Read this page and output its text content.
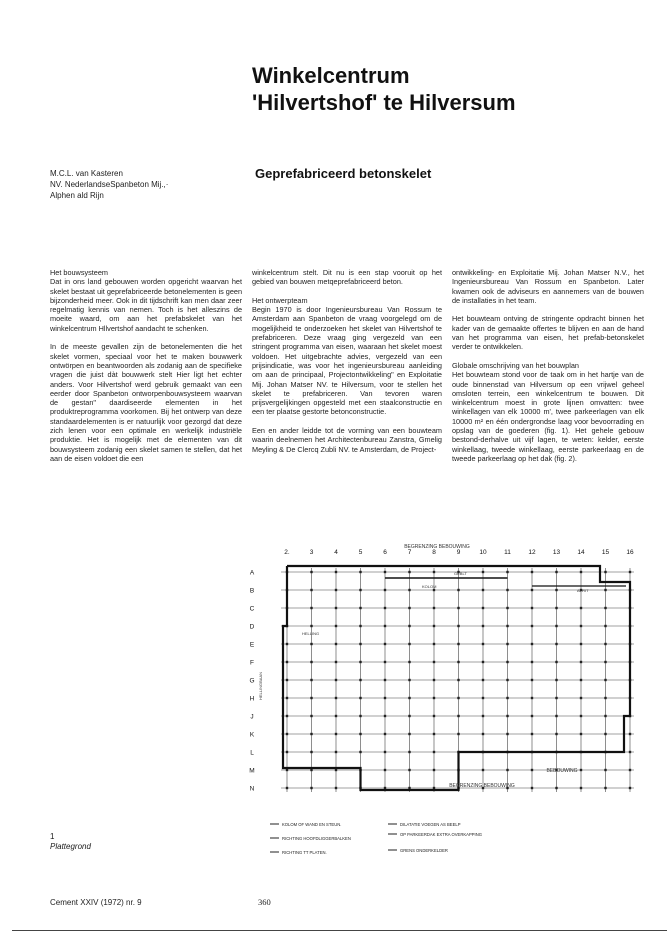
Winkelcentrum
'Hilvertshof' te Hilversum
Geprefabriceerd betonskelet
M.C.L. van Kasteren
NV. NederlandseSpanbeton Mij.,·
Alphen ald Rijn

Het bouwsysteem

Dat in ons land gebouwen worden opgericht waarvan het skelet bestaat uit geprefabriceerde betonelementen is geen bijzonderheid meer. Ook in dit tijdschrift kan men daar zeer regelmatig kennis van nemen. Toch is het alleszins de moeite waard, om aan het prefabskelet van het winkelcentrum Hllvertshof aandacht te schenken.

In de meeste gevallen zijn de betonelementen die het skelet vormen, speciaal voor het te maken bouwwerk ontwörpen en beantwoorden als zodanig aan de specifieke vragen die juist dàt bouwwerk stelt Hier ligt het echter anders. Voor Hilvertshof werd gebruik gemaakt van een eerder door Spanbeton ontworpenbouwsysteem waarvan de gestan" daardiseerde elementen in het produktreprogramma voorkomen. Bij het ontwerp van deze standaardelementen is er natuurlijk voor gezorgd dat deze zich lenen voor een optimale en werkelijk industriële produktie. Het is mogelijk met de elementen van dit bouwsysteem zodanig een skelet samen te stellen, dat het aan de eisen voldoet die een

winkelcentrum stelt. Dit nu is een stap vooruit op het gebied van bouwen metqeprefabriceerd beton.

Het ontwerpteam

Begin 1970 is door Ingenieursbureau Van Rossum te Amsterdam aan Spanbeton de vraag voorgelegd om de mogelijkheid te onderzoeken het skelet van Hilvertshof te prefabriceren. Deze vraag ging vergezeld van een stringent programma van eisen, waaraan het skelet moest voldoen. Het uitgebrachte advies, vergezeld van een prijsindicatie, was voor het ingenieursbureau aanleiding om aan de principaal, Projectontwikkeling" en Exploitatie Mij. Johan Matser NV. te Hilversum, voor te stellen het skelet te prefabriceren. Van tevoren waren prijsvergelijkingen opgesteld met een staalconstructie en een ter plaatse gestorte betonconstructie.

Een en ander leidde tot de vorming van een bouwteam waarin deelnemen het Architectenbureau Zanstra, Gmelig Meyling & De Clercq Zubli NV. te Amsterdam, de Project-

ontwikkeling- en Exploitatie Mij. Johan Matser N.V., het Ingenieursbureau Van Rossum en Spanbeton. Later kwamen ook de adviseurs en aannemers van de bouwen de installaties in het team.

Het bouwteam ontving de stringente opdracht binnen het kader van de gemaakte offertes te blijven en aan de hand van het programma van eisen, het prefab-betonskelet verder te ontwikkelen.

Globale omschrijving van het bouwplan

Het bouwteam stond voor de taak om in het hartje van de oude binnenstad van Hilversum op een vrijwel geheel omsloten terrein, een winkelcentrum te bouwen. Dit winkelcentrum moest in grote lijnen omvatten: twee winkellagen van elk 10000 m', twee parkeerlagen van elk 10000 m² en één ondergrondse laag voor bevoorrading en opslag van de goederen (fig. 1). Het gehele gebouw bestond-derhalve uit vijf lagen, te weten: kelder, eerste winkellaag, tweede winkellaag, eerste parkeerlaag en de tweede parkeerlaag op het dak (fig. 2).

2.	3	4	5	6	7	8	9	10	11	12	13	14	15	16
A
B
C
D
E
F
G
H
J
K
L
M
N
BEGRENZING BEBOUWING
BEGRENZING BEBOUWING
BEBOUWING
GEBLT
HELLINGBAAN
KOLOM
HELLING
AFRIT
KOLOM OF WAND EN STEUN.
RICHTING HOOFDLIGGERBALKEN
RICHTING TT PLATEN.
DILATATIE VOEGEN AS BEELP
OP PARKEERDAK EXTRA OVERKAPPING
GRENS ONDERKELDER
1
Plattegrond
Cement XXIV (1972) nr. 9	360
